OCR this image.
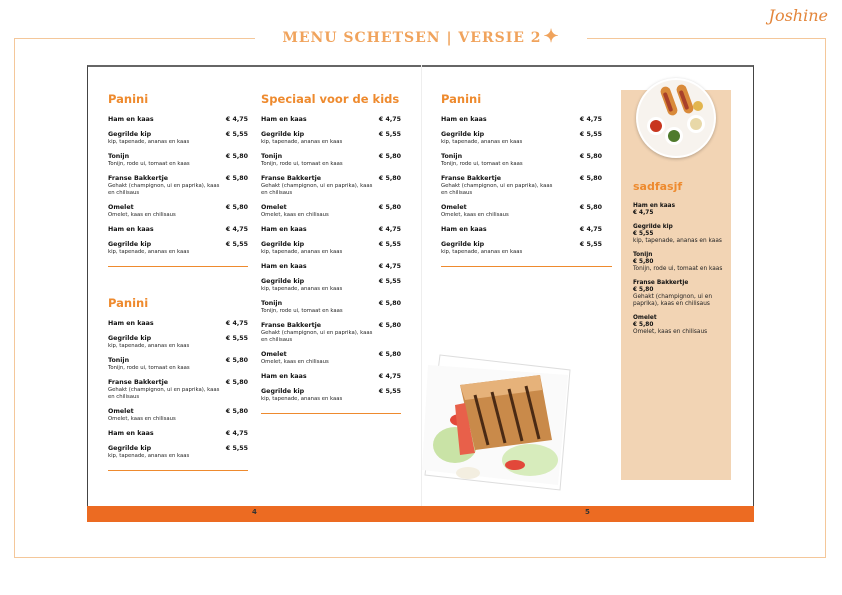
MENU SCHETSEN | VERSIE 2 ✦
Joshine
Panini
Ham en kaas	€ 4,75
Gegrilde kip	€ 5,55
kip, tapenade, ananas en kaas
Tonijn	€ 5,80
Tonijn, rode ui, tomaat en kaas
Franse Bakkertje	€ 5,80
Gehakt (champignon, ui en paprika), kaas en chilisaus
Omelet	€ 5,80
Omelet, kaas en chilisaus
Ham en kaas	€ 4,75
Gegrilde kip	€ 5,55
kip, tapenade, ananas en kaas
Panini
Ham en kaas	€ 4,75
Gegrilde kip	€ 5,55
kip, tapenade, ananas en kaas
Tonijn	€ 5,80
Tonijn, rode ui, tomaat en kaas
Franse Bakkertje	€ 5,80
Gehakt (champignon, ui en paprika), kaas en chilisaus
Omelet	€ 5,80
Omelet, kaas en chilisaus
Ham en kaas	€ 4,75
Gegrilde kip	€ 5,55
kip, tapenade, ananas en kaas
Speciaal voor de kids
Ham en kaas	€ 4,75
Gegrilde kip	€ 5,55
kip, tapenade, ananas en kaas
Tonijn	€ 5,80
Tonijn, rode ui, tomaat en kaas
Franse Bakkertje	€ 5,80
Gehakt (champignon, ui en paprika), kaas en chilisaus
Omelet	€ 5,80
Omelet, kaas en chilisaus
Ham en kaas	€ 4,75
Gegrilde kip	€ 5,55
kip, tapenade, ananas en kaas
Ham en kaas	€ 4,75
Gegrilde kip	€ 5,55
kip, tapenade, ananas en kaas
Tonijn	€ 5,80
Tonijn, rode ui, tomaat en kaas
Franse Bakkertje	€ 5,80
Gehakt (champignon, ui en paprika), kaas en chilisaus
Omelet	€ 5,80
Omelet, kaas en chilisaus
Ham en kaas	€ 4,75
Gegrilde kip	€ 5,55
kip, tapenade, ananas en kaas
Panini
Ham en kaas	€ 4,75
Gegrilde kip	€ 5,55
kip, tapenade, ananas en kaas
Tonijn	€ 5,80
Tonijn, rode ui, tomaat en kaas
Franse Bakkertje	€ 5,80
Gehakt (champignon, ui en paprika), kaas en chilisaus
Omelet	€ 5,80
Omelet, kaas en chilisaus
Ham en kaas	€ 4,75
Gegrilde kip	€ 5,55
kip, tapenade, ananas en kaas
sadfasjf
Ham en kaas
€ 4,75
Gegrilde kip
€ 5,55
kip, tapenade, ananas en kaas
Tonijn
€ 5,80
Tonijn, rode ui, tomaat en kaas
Franse Bakkertje
€ 5,80
Gehakt (champignon, ui en paprika), kaas en chilisaus
Omelet
€ 5,80
Omelet, kaas en chilisaus
4	5
